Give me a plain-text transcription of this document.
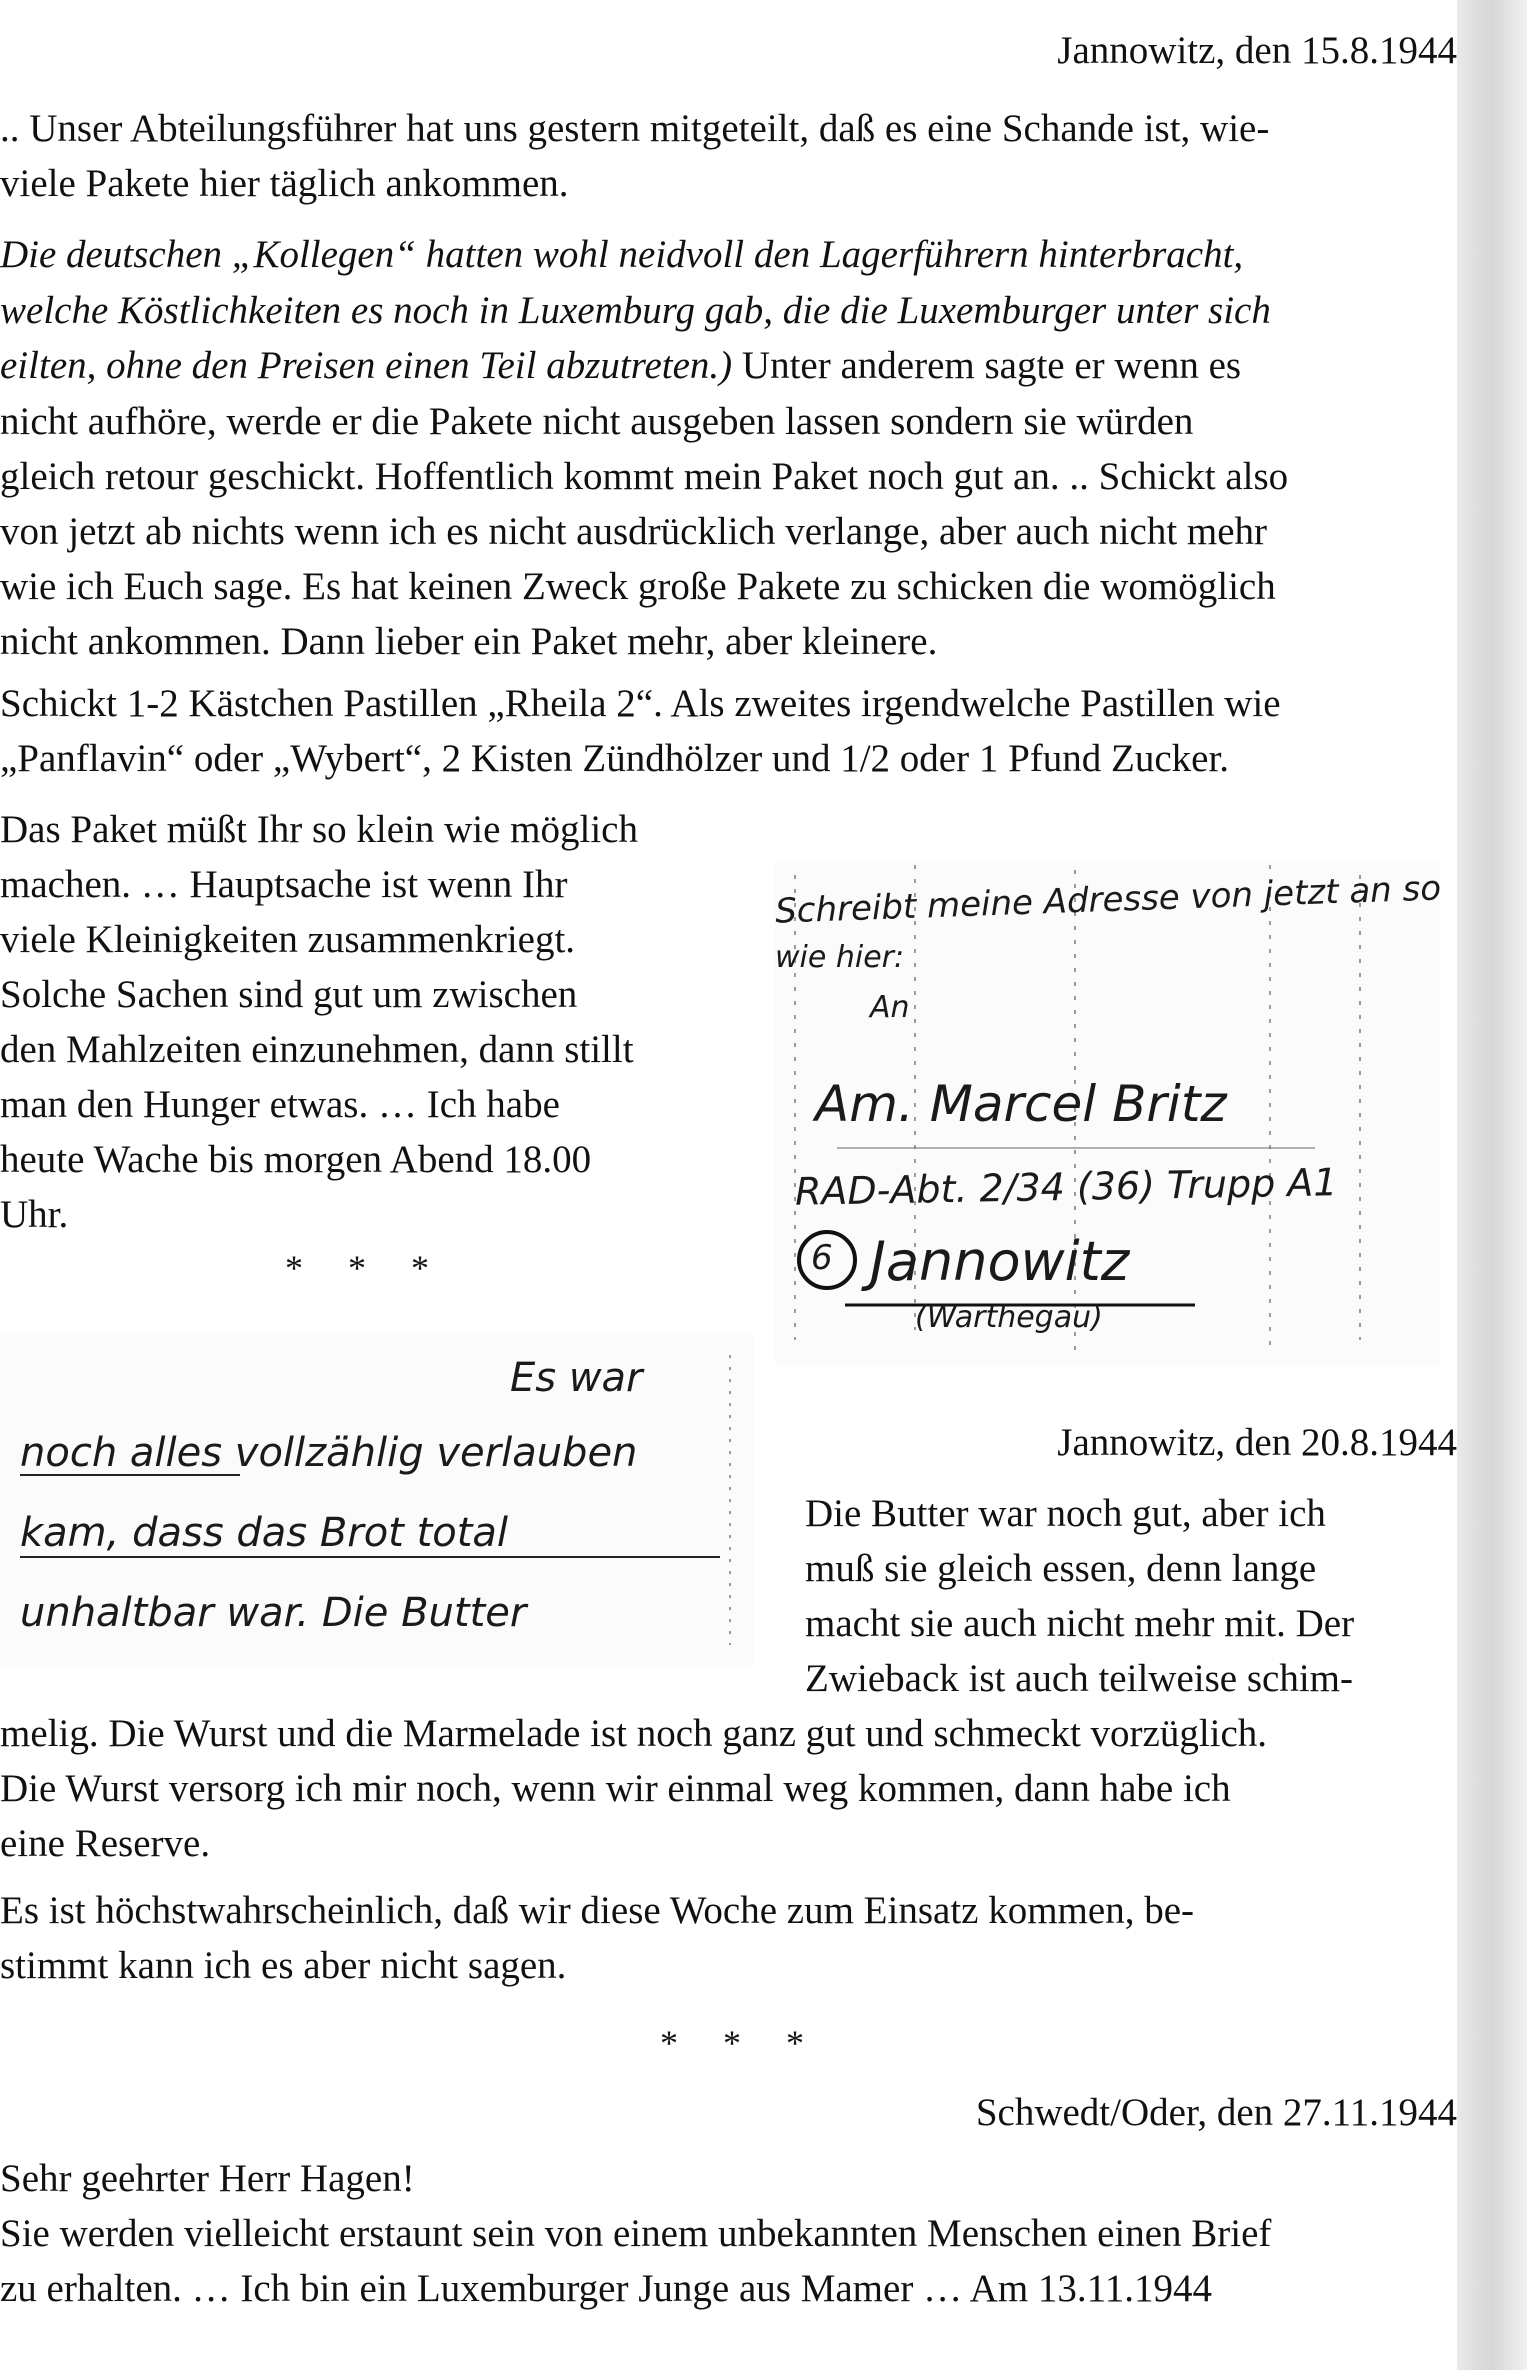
Jannowitz, den 15.8.1944
.. Unser Abteilungsführer hat uns gestern mitgeteilt, daß es eine Schande ist, wie-
viele Pakete hier täglich ankommen.
Die deutschen „Kollegen“ hatten wohl neidvoll den Lagerführern hinterbracht,
welche Köstlichkeiten es noch in Luxemburg gab, die die Luxemburger unter sich
eilten, ohne den Preisen einen Teil abzutreten.) Unter anderem sagte er wenn es
nicht aufhöre, werde er die Pakete nicht ausgeben lassen sondern sie würden
gleich retour geschickt. Hoffentlich kommt mein Paket noch gut an. .. Schickt also
von jetzt ab nichts wenn ich es nicht ausdrücklich verlange, aber auch nicht mehr
wie ich Euch sage. Es hat keinen Zweck große Pakete zu schicken die womöglich
nicht ankommen. Dann lieber ein Paket mehr, aber kleinere.
Schickt 1-2 Kästchen Pastillen „Rheila 2“. Als zweites irgendwelche Pastillen wie
„Panflavin“ oder „Wybert“, 2 Kisten Zündhölzer und 1/2 oder 1 Pfund Zucker.
Das Paket müßt Ihr so klein wie möglich
machen. … Hauptsache ist wenn Ihr
viele Kleinigkeiten zusammenkriegt.
Solche Sachen sind gut um zwischen
den Mahlzeiten einzunehmen, dann stillt
man den Hunger etwas. … Ich habe
heute Wache bis morgen Abend 18.00
Uhr.
* * *
Schreibt meine Adresse von jetzt an so
wie hier:
An
Am. Marcel Britz
RAD-Abt. 2/34 (36) Trupp A1
6 Jannowitz
(Warthegau)
Es war
noch alles vollzählig verlauben
kam, dass das Brot total
unhaltbar war. Die Butter
Jannowitz, den 20.8.1944
Die Butter war noch gut, aber ich
muß sie gleich essen, denn lange
macht sie auch nicht mehr mit. Der
Zwieback ist auch teilweise schim-
melig. Die Wurst und die Marmelade ist noch ganz gut und schmeckt vorzüglich.
Die Wurst versorg ich mir noch, wenn wir einmal weg kommen, dann habe ich
eine Reserve.
Es ist höchstwahrscheinlich, daß wir diese Woche zum Einsatz kommen, be-
stimmt kann ich es aber nicht sagen.
* * *
Schwedt/Oder, den 27.11.1944
Sehr geehrter Herr Hagen!
Sie werden vielleicht erstaunt sein von einem unbekannten Menschen einen Brief
zu erhalten. … Ich bin ein Luxemburger Junge aus Mamer … Am 13.11.1944
